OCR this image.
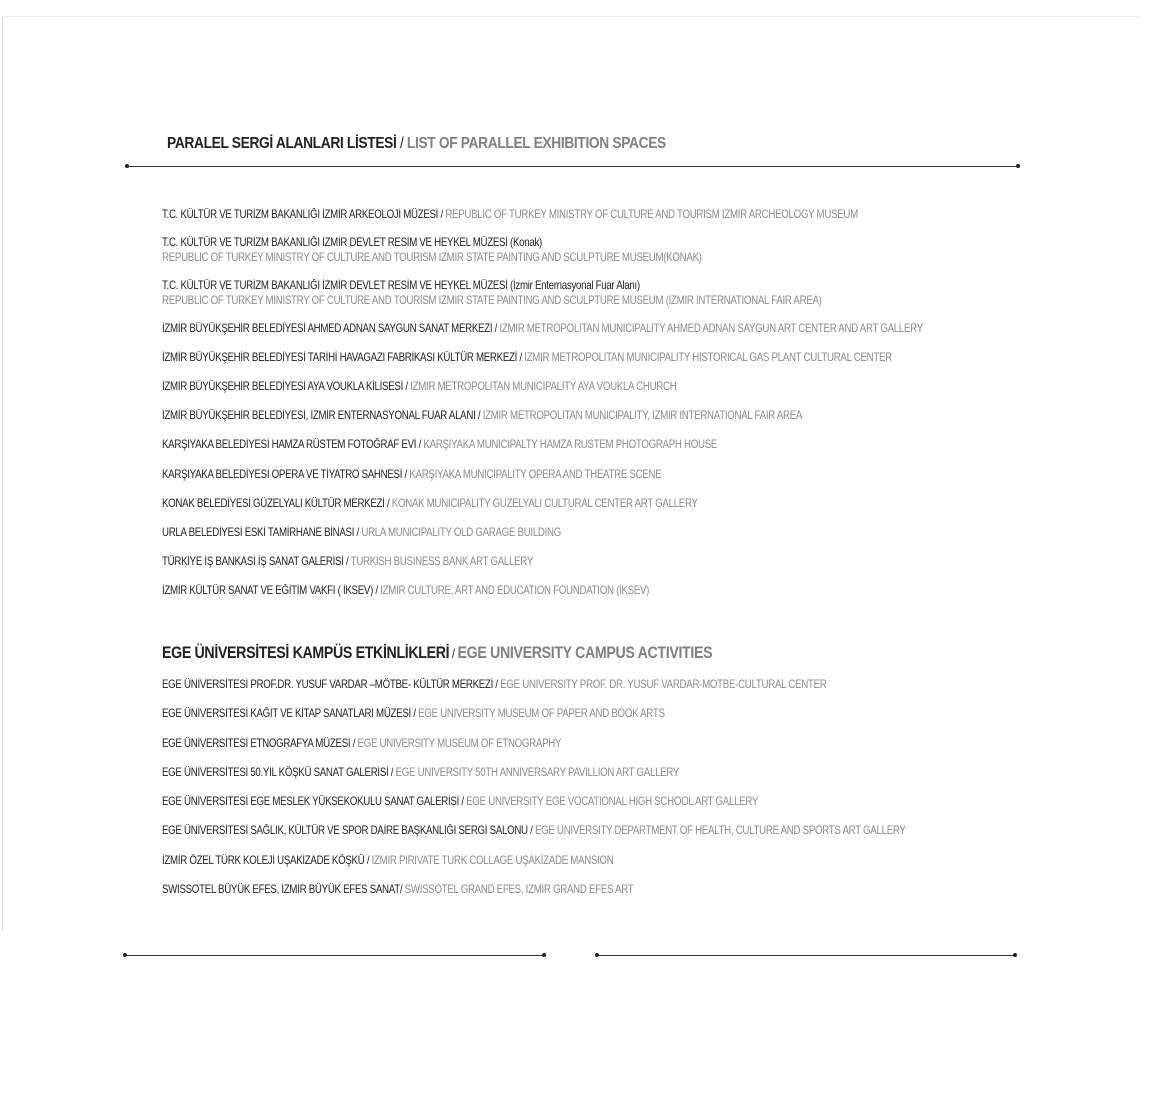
PARALEL SERGİ ALANLARI LİSTESİ / LIST OF PARALLEL EXHIBITION SPACES
T.C. KÜLTÜR VE TURİZM BAKANLIĞI İZMİR ARKEOLOJİ MÜZESİ / REPUBLIC OF TURKEY MINISTRY OF CULTURE AND TOURISM IZMIR ARCHEOLOGY MUSEUM
T.C. KÜLTÜR VE TURİZM BAKANLIĞI İZMİR DEVLET RESİM VE HEYKEL MÜZESİ (Konak)
REPUBLIC OF TURKEY MINISTRY OF CULTURE AND TOURISM IZMIR STATE PAINTING AND SCULPTURE MUSEUM(KONAK)
T.C. KÜLTÜR VE TURİZM BAKANLIĞI İZMİR DEVLET RESİM VE HEYKEL MÜZESİ (İzmir Enternasyonal Fuar Alanı)
REPUBLIC OF TURKEY MINISTRY OF CULTURE AND TOURISM IZMIR STATE PAINTING AND SCULPTURE MUSEUM (IZMIR INTERNATIONAL FAIR AREA)
İZMİR BÜYÜKŞEHİR BELEDİYESİ AHMED ADNAN SAYGUN SANAT MERKEZİ / IZMIR METROPOLITAN MUNICIPALITY AHMED ADNAN SAYGUN ART CENTER AND ART GALLERY
İZMİR BÜYÜKŞEHİR BELEDİYESİ TARİHİ HAVAGAZI FABRİKASI KÜLTÜR MERKEZİ / IZMIR METROPOLITAN MUNICIPALITY HISTORICAL GAS PLANT CULTURAL CENTER
İZMİR BÜYÜKŞEHİR BELEDİYESİ AYA VOUKLA KİLİSESİ / IZMIR METROPOLITAN MUNICIPALITY AYA VOUKLA CHURCH
İZMİR BÜYÜKŞEHİR BELEDİYESİ, İZMİR ENTERNASYONAL FUAR ALANI / IZMIR METROPOLITAN MUNICIPALITY, IZMIR INTERNATIONAL FAIR AREA
KARŞIYAKA BELEDİYESİ HAMZA RÜSTEM FOTOĞRAF EVİ / KARŞIYAKA MUNICIPALTY HAMZA RUSTEM PHOTOGRAPH HOUSE
KARŞIYAKA BELEDİYESİ OPERA VE TİYATRO SAHNESİ / KARŞIYAKA MUNICIPALITY OPERA AND THEATRE SCENE
KONAK BELEDİYESİ GÜZELYALI KÜLTÜR MERKEZİ / KONAK MUNICIPALITY GUZELYALI CULTURAL CENTER ART GALLERY
URLA BELEDİYESİ ESKİ TAMİRHANE BİNASI / URLA MUNICIPALITY OLD GARAGE BUILDING
TÜRKİYE İŞ BANKASI İŞ SANAT GALERİSİ / TURKISH BUSINESS BANK ART GALLERY
İZMİR KÜLTÜR SANAT VE EĞİTİM VAKFI ( İKSEV) / IZMIR CULTURE, ART AND EDUCATION FOUNDATION (İKSEV)
EGE ÜNİVERSİTESİ KAMPÜS ETKİNLİKLERİ / EGE UNIVERSITY CAMPUS ACTIVITIES
EGE ÜNİVERSİTESİ PROF.DR. YUSUF VARDAR –MÖTBE- KÜLTÜR MERKEZİ / EGE UNIVERSITY PROF. DR. YUSUF VARDAR-MOTBE-CULTURAL CENTER
EGE ÜNİVERSİTESİ KAĞIT VE KİTAP SANATLARI MÜZESİ / EGE UNIVERSITY MUSEUM OF PAPER AND BOOK ARTS
EGE ÜNİVERSİTESİ ETNOGRAFYA MÜZESİ / EGE UNIVERSITY MUSEUM OF ETNOGRAPHY
EGE ÜNİVERSİTESİ 50.YIL KÖŞKÜ SANAT GALERİSİ / EGE UNIVERSITY 50TH ANNIVERSARY PAVILLION ART GALLERY
EGE ÜNİVERSİTESİ EGE MESLEK YÜKSEKOKULU SANAT GALERİSİ / EGE UNIVERSITY EGE VOCATIONAL HIGH SCHOOL ART GALLERY
EGE ÜNİVERSİTESİ SAĞLIK, KÜLTÜR VE SPOR DAİRE BAŞKANLIĞI SERGİ SALONU / EGE UNIVERSITY DEPARTMENT OF HEALTH, CULTURE AND SPORTS ART GALLERY
İZMİR ÖZEL TÜRK KOLEJİ UŞAKİZADE KÖŞKÜ / IZMIR PIRIVATE TURK COLLAGE UŞAKİZADE MANSION
SWISSOTEL BÜYÜK EFES, İZMİR BÜYÜK EFES SANAT/ SWISSOTEL GRAND EFES, IZMIR GRAND EFES ART
